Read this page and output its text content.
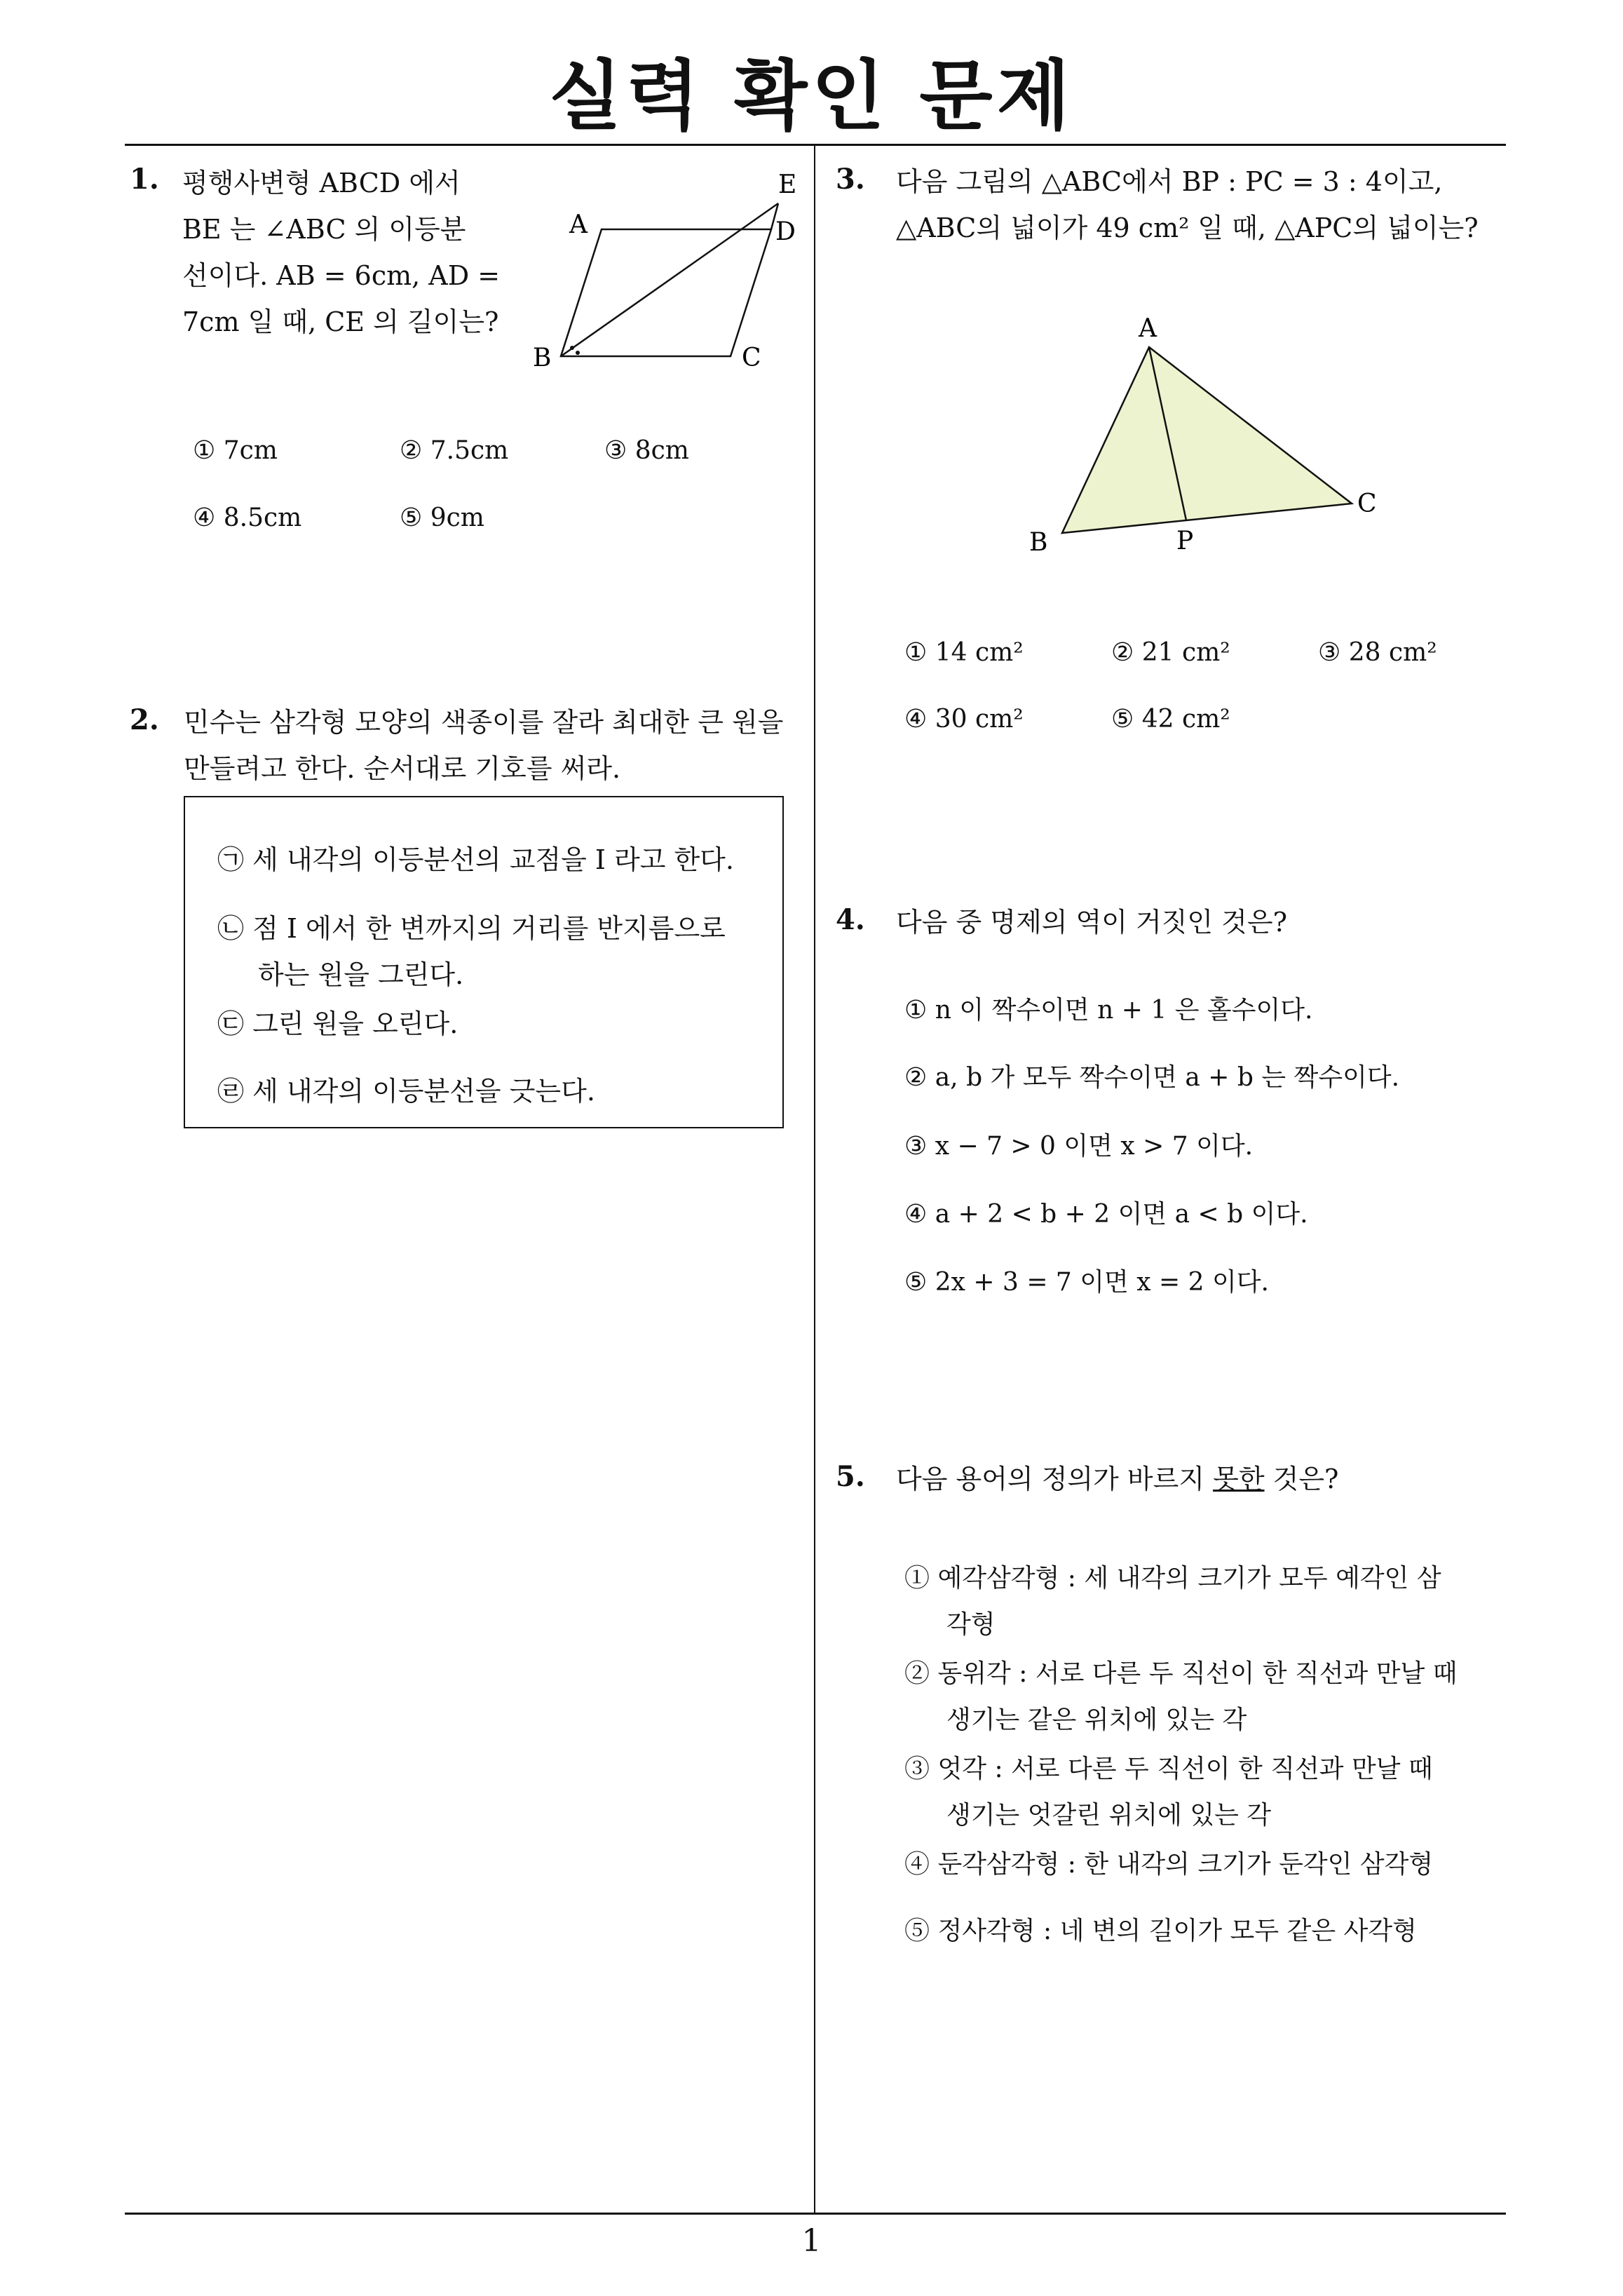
실력 확인 문제
1. 평행사변형 ABCD 에서
BE 는 ∠ABC 의 이등분
선이다. AB = 6cm, AD =
7cm 일 때, CE 의 길이는?
A
B	C
D
E
① 7cm	② 7.5cm	③ 8cm
④ 8.5cm	⑤ 9cm
2. 민수는 삼각형 모양의 색종이를 잘라 최대한 큰 원을
만들려고 한다. 순서대로 기호를 써라.
㉠ 세 내각의 이등분선의 교점을 I 라고 한다.
㉡ 점 I 에서 한 변까지의 거리를 반지름으로
하는 원을 그린다.
㉢ 그린 원을 오린다.
㉣ 세 내각의 이등분선을 긋는다.
3. 다음 그림의 △ABC에서 BP : PC = 3 : 4이고,
△ABC의 넓이가 49 cm² 일 때, △APC의 넓이는?
A
B
C
P
① 14 cm²	② 21 cm²	③ 28 cm²
④ 30 cm²	⑤ 42 cm²
4. 다음 중 명제의 역이 거짓인 것은?
① n 이 짝수이면 n + 1 은 홀수이다.
② a, b 가 모두 짝수이면 a + b 는 짝수이다.
③ x − 7 > 0 이면 x > 7 이다.
④ a + 2 < b + 2 이면 a < b 이다.
⑤ 2x + 3 = 7 이면 x = 2 이다.
5. 다음 용어의 정의가 바르지 못한 것은?
① 예각삼각형 : 세 내각의 크기가 모두 예각인 삼
각형
② 동위각 : 서로 다른 두 직선이 한 직선과 만날 때
생기는 같은 위치에 있는 각
③ 엇각 : 서로 다른 두 직선이 한 직선과 만날 때
생기는 엇갈린 위치에 있는 각
④ 둔각삼각형 : 한 내각의 크기가 둔각인 삼각형
⑤ 정사각형 : 네 변의 길이가 모두 같은 사각형
1
